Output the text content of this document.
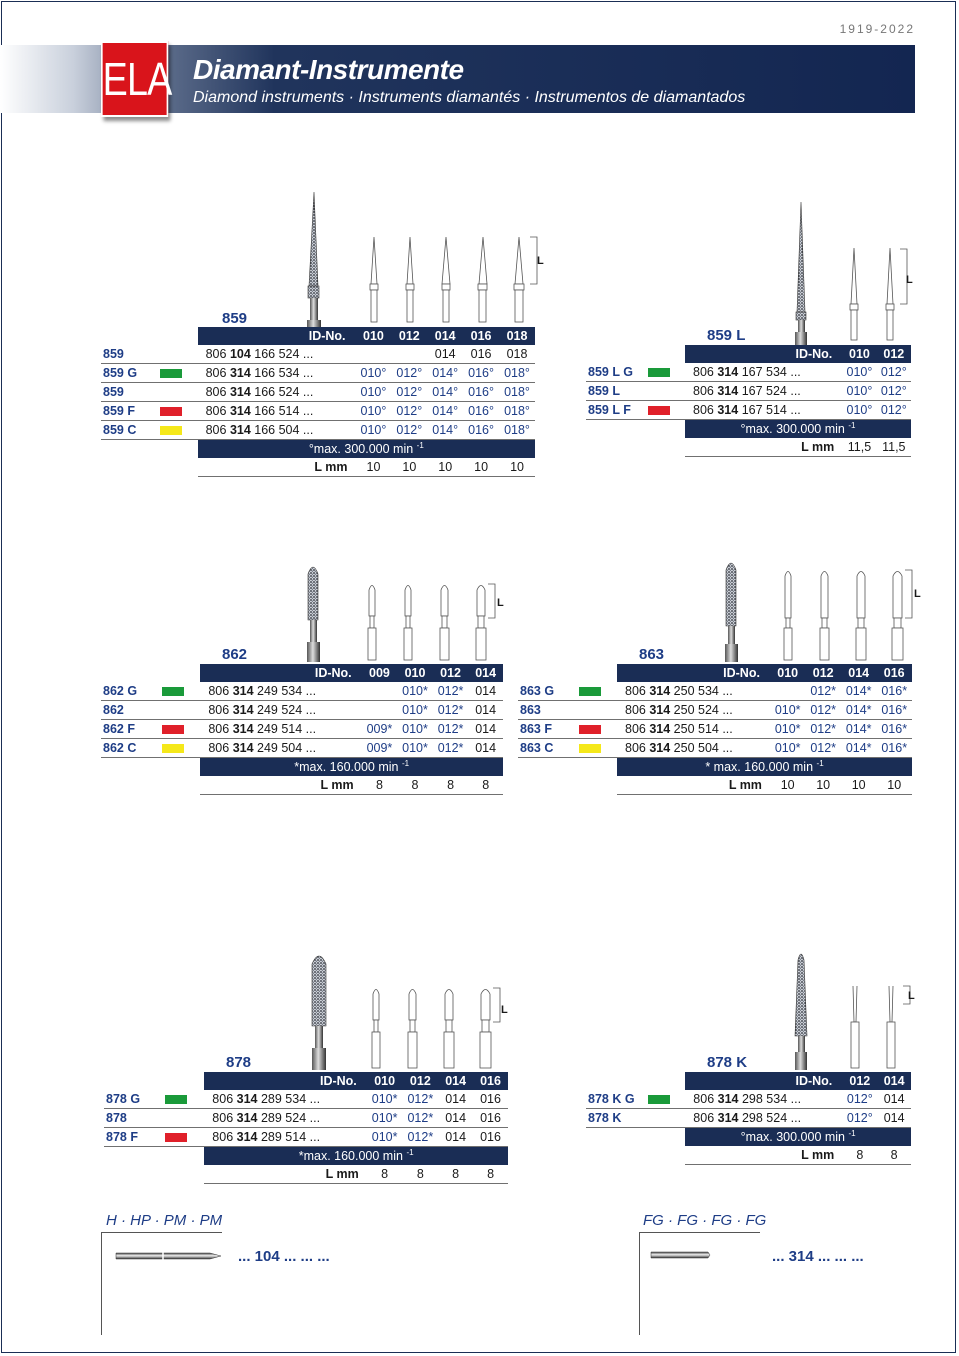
1919-2022
ELA Diamant-Instrumente
Diamond instruments · Instruments diamantés · Instrumentos de diamantados
859
L
		ID-No.	010	012	014	016	018
859		806 104 166 524 ...			014	016	018
859 G		806 314 166 534 ...	010°	012°	014°	016°	018°
859		806 314 166 524 ...	010°	012°	014°	016°	018°
859 F		806 314 166 514 ...	010°	012°	014°	016°	018°
859 C		806 314 166 504 ...	010°	012°	014°	016°	018°
		°max. 300.000 min $^{-1}$
		L mm	10	10	10	10	10
859 L
L
		ID-No.	010	012
859 L G		806 314 167 534 ...	010°	012°
859 L		806 314 167 524 ...	010°	012°
859 L F		806 314 167 514 ...	010°	012°
		°max. 300.000 min $^{-1}$
		L mm	11,5	11,5
862
L
		ID-No.	009	010	012	014
862 G		806 314 249 534 ...		010*	012*	014
862		806 314 249 524 ...		010*	012*	014
862 F		806 314 249 514 ...	009*	010*	012*	014
862 C		806 314 249 504 ...	009*	010*	012*	014
		*max. 160.000 min $^{-1}$
		L mm	8	8	8	8
863
L
		ID-No.	010	012	014	016
863 G		806 314 250 534 ...		012*	014*	016*
863		806 314 250 524 ...	010*	012*	014*	016*
863 F		806 314 250 514 ...	010*	012*	014*	016*
863 C		806 314 250 504 ...	010*	012*	014*	016*
		* max. 160.000 min $^{-1}$
		L mm	10	10	10	10
878
L
		ID-No.	010	012	014	016
878 G		806 314 289 534 ...	010*	012*	014	016
878		806 314 289 524 ...	010*	012*	014	016
878 F		806 314 289 514 ...	010*	012*	014	016
		*max. 160.000 min $^{-1}$
		L mm	8	8	8	8
878 K
L
		ID-No.	012	014
878 K G		806 314 298 534 ...	012°	014
878 K		806 314 298 524 ...	012°	014
		°max. 300.000 min $^{-1}$
		L mm	8	8
H · HP · PM · PM
... 104 ... ... ...
FG · FG · FG · FG
... 314 ... ... ...
